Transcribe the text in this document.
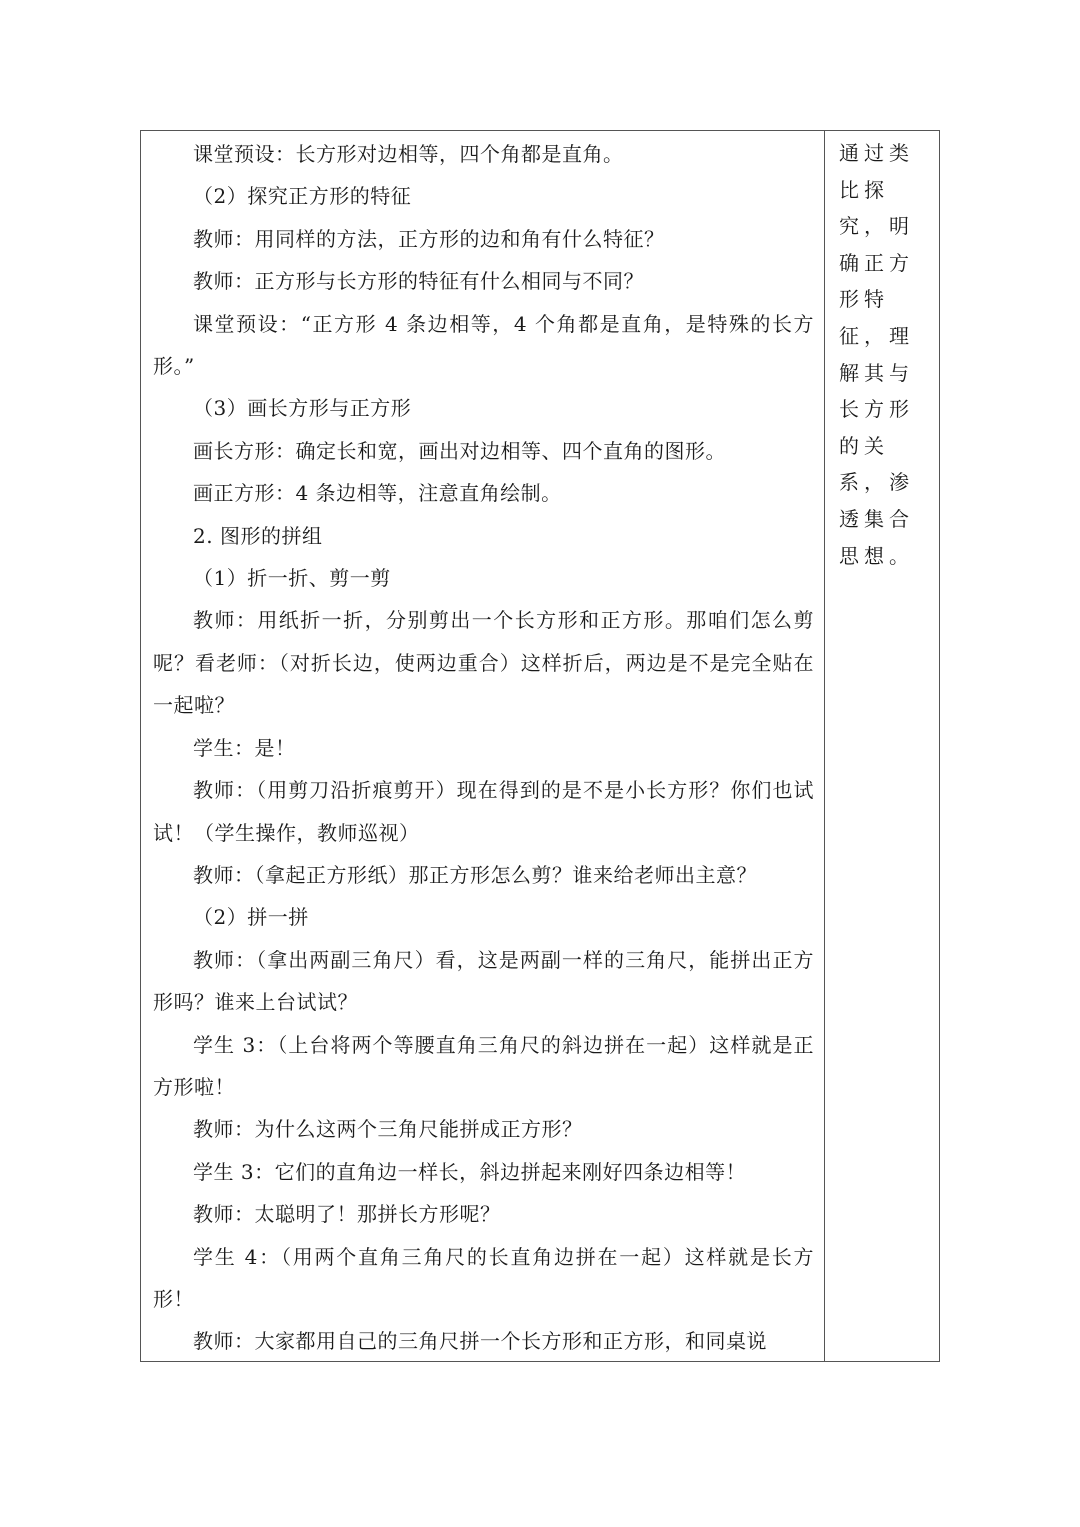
课堂预设：长方形对边相等，四个角都是直角。

（2）探究正方形的特征

教师：用同样的方法，正方形的边和角有什么特征？

教师：正方形与长方形的特征有什么相同与不同？

课堂预设：“正方形 4 条边相等，4 个角都是直角，是特殊的长方形。”

（3）画长方形与正方形

画长方形：确定长和宽，画出对边相等、四个直角的图形。

画正方形：4 条边相等，注意直角绘制。

2. 图形的拼组

（1）折一折、剪一剪

教师：用纸折一折，分别剪出一个长方形和正方形。那咱们怎么剪呢？看老师：（对折长边，使两边重合）这样折后，两边是不是完全贴在一起啦？

学生：是！

教师：（用剪刀沿折痕剪开）现在得到的是不是小长方形？你们也试试！（学生操作，教师巡视）

教师：（拿起正方形纸）那正方形怎么剪？谁来给老师出主意？

（2）拼一拼

教师：（拿出两副三角尺）看，这是两副一样的三角尺，能拼出正方形吗？谁来上台试试？

学生 3：（上台将两个等腰直角三角尺的斜边拼在一起）这样就是正方形啦！

教师：为什么这两个三角尺能拼成正方形？

学生 3：它们的直角边一样长，斜边拼起来刚好四条边相等！

教师：太聪明了！那拼长方形呢？

学生 4：（用两个直角三角尺的长直角边拼在一起）这样就是长方形！

教师：大家都用自己的三角尺拼一个长方形和正方形，和同桌说

通过类比探究，明确正方形特征，理解其与长方形的关系，渗透集合思想。
